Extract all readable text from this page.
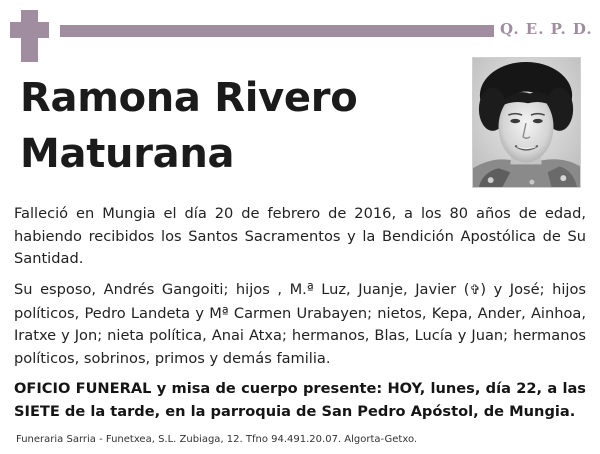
Q. E. P. D.
Ramona Rivero
Maturana
Falleció en Mungia el día 20 de febrero de 2016, a los 80 años de edad, habiendo recibidos los Santos Sacramentos y la Bendición Apostólica de Su Santidad.
Su esposo, Andrés Gangoiti; hijos , M.ª Luz, Juanje, Javier (✞) y José; hijos políticos, Pedro Landeta y Mª Carmen Urabayen; nietos, Kepa, Ander, Ainhoa, Iratxe y Jon; nieta política, Anai Atxa; hermanos, Blas, Lucía y Juan; hermanos políticos, sobrinos, primos y demás familia.
OFICIO FUNERAL y misa de cuerpo presente: HOY, lunes, día 22, a las SIETE de la tarde, en la parroquia de San Pedro Apóstol, de Mungia.
Funeraria Sarria - Funetxea, S.L. Zubiaga, 12. Tfno 94.491.20.07. Algorta-Getxo.
